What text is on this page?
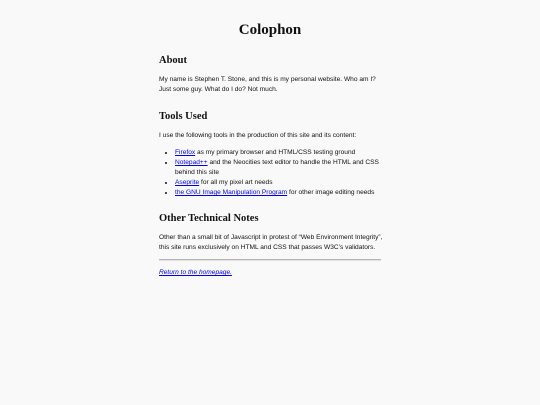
Colophon
About

My name is Stephen T. Stone, and this is my personal website. Who am I? Just some guy. What do I do? Not much.

Tools Used

I use the following tools in the production of this site and its content:

• Firefox as my primary browser and HTML/CSS testing ground
• Notepad++ and the Neocities text editor to handle the HTML and CSS behind this site
• Aseprite for all my pixel art needs
• the GNU Image Manipulation Program for other image editing needs
Other Technical Notes

Other than a small bit of Javascript in protest of “Web Environment Integrity”, this site runs exclusively on HTML and CSS that passes W3C’s validators.

Return to the homepage.
